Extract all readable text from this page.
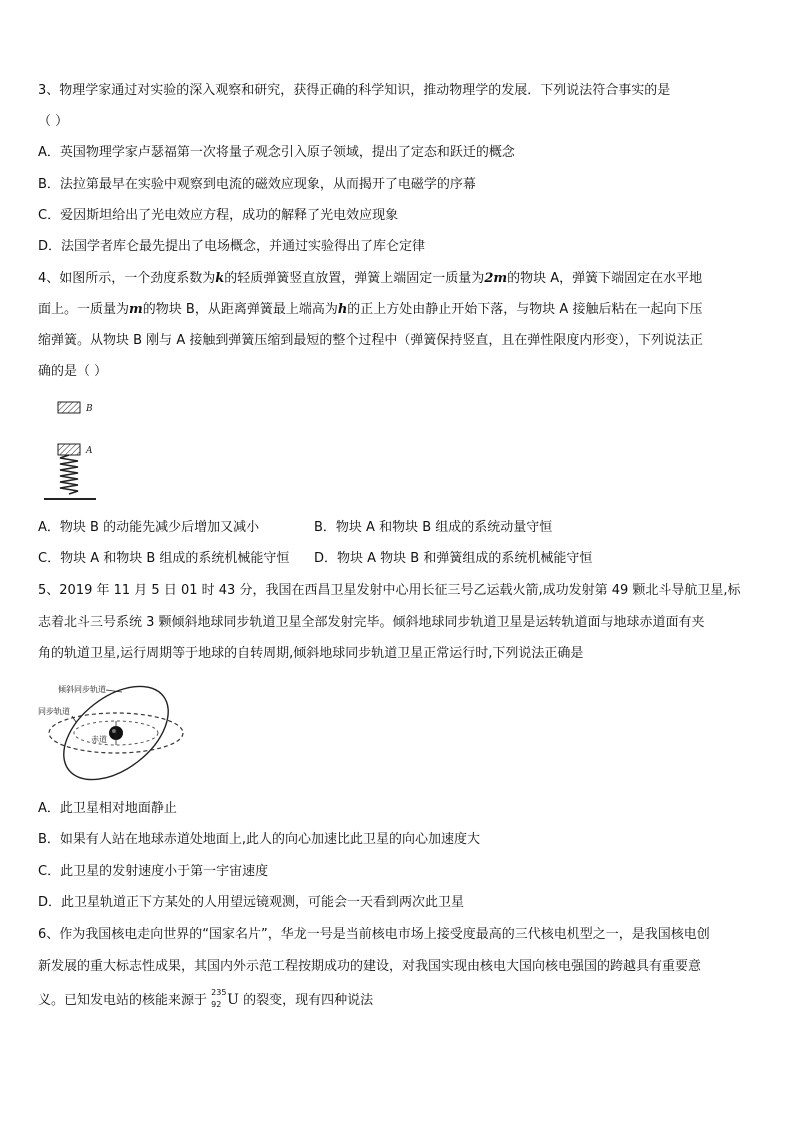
3、物理学家通过对实验的深入观察和研究，获得正确的科学知识，推动物理学的发展．下列说法符合事实的是
（ ）
A．英国物理学家卢瑟福第一次将量子观念引入原子领域，提出了定态和跃迁的概念
B．法拉第最早在实验中观察到电流的磁效应现象，从而揭开了电磁学的序幕
C．爱因斯坦给出了光电效应方程，成功的解释了光电效应现象
D．法国学者库仑最先提出了电场概念，并通过实验得出了库仑定律
4、如图所示，一个劲度系数为k的轻质弹簧竖直放置，弹簧上端固定一质量为2m的物块 A，弹簧下端固定在水平地
面上。一质量为m的物块 B，从距离弹簧最上端高为h的正上方处由静止开始下落，与物块 A 接触后粘在一起向下压
缩弹簧。从物块 B 刚与 A 接触到弹簧压缩到最短的整个过程中（弹簧保持竖直，且在弹性限度内形变），下列说法正
确的是（ ）
B
A
A．物块 B 的动能先减少后增加又减小	B．物块 A 和物块 B 组成的系统动量守恒
C．物块 A 和物块 B 组成的系统机械能守恒 D．物块 A 物块 B 和弹簧组成的系统机械能守恒
5、2019 年 11 月 5 日 01 时 43 分，我国在西昌卫星发射中心用长征三号乙运载火箭,成功发射第 49 颗北斗导航卫星,标
志着北斗三号系统 3 颗倾斜地球同步轨道卫星全部发射完毕。倾斜地球同步轨道卫星是运转轨道面与地球赤道面有夹
角的轨道卫星,运行周期等于地球的自转周期,倾斜地球同步轨道卫星正常运行时,下列说法正确是
倾斜同步轨道
同步轨道
赤道
A．此卫星相对地面静止
B．如果有人站在地球赤道处地面上,此人的向心加速比此卫星的向心加速度大
C．此卫星的发射速度小于第一宇宙速度
D．此卫星轨道正下方某处的人用望远镜观测，可能会一天看到两次此卫星
6、作为我国核电走向世界的“国家名片”，华龙一号是当前核电市场上接受度最高的三代核电机型之一，是我国核电创
新发展的重大标志性成果，其国内外示范工程按期成功的建设，对我国实现由核电大国向核电强国的跨越具有重要意
义。已知发电站的核能来源于
235
92 U 的裂变，现有四种说法
